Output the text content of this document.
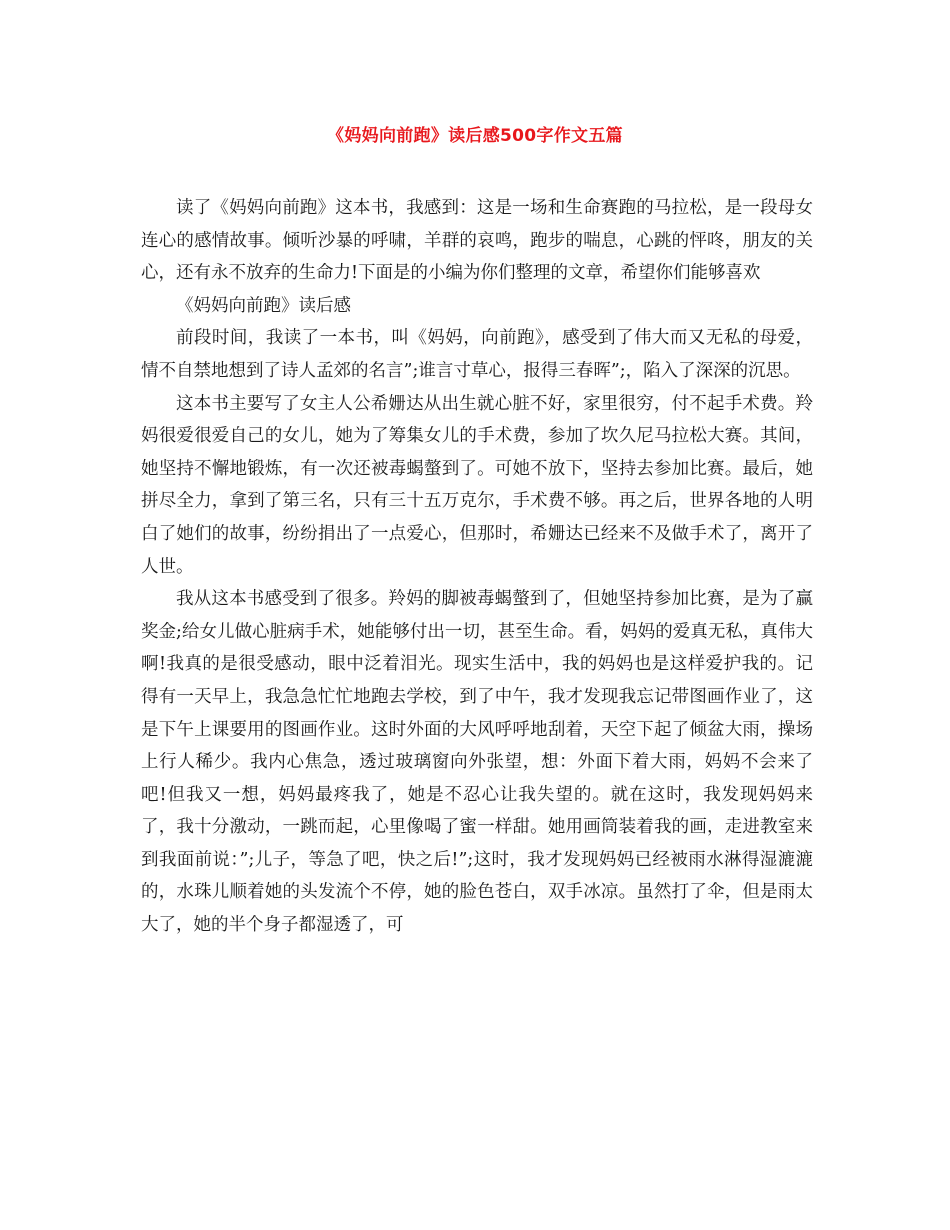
《妈妈向前跑》读后感500字作文五篇

读了《妈妈向前跑》这本书，我感到：这是一场和生命赛跑的马拉松，是一段母女连心的感情故事。倾听沙暴的呼啸，羊群的哀鸣，跑步的喘息，心跳的怦咚，朋友的关心，还有永不放弃的生命力!下面是的小编为你们整理的文章，希望你们能够喜欢

《妈妈向前跑》读后感

前段时间，我读了一本书，叫《妈妈，向前跑》，感受到了伟大而又无私的母爱，情不自禁地想到了诗人孟郊的名言”;谁言寸草心，报得三春晖”;，陷入了深深的沉思。

这本书主要写了女主人公希姗达从出生就心脏不好，家里很穷，付不起手术费。羚妈很爱很爱自己的女儿，她为了筹集女儿的手术费，参加了坎久尼马拉松大赛。其间，她坚持不懈地锻炼，有一次还被毒蝎螫到了。可她不放下，坚持去参加比赛。最后，她拼尽全力，拿到了第三名，只有三十五万克尔，手术费不够。再之后，世界各地的人明白了她们的故事，纷纷捐出了一点爱心，但那时，希姗达已经来不及做手术了，离开了人世。

我从这本书感受到了很多。羚妈的脚被毒蝎螫到了，但她坚持参加比赛，是为了赢奖金;给女儿做心脏病手术，她能够付出一切，甚至生命。看，妈妈的爱真无私，真伟大啊!我真的是很受感动，眼中泛着泪光。现实生活中，我的妈妈也是这样爱护我的。记得有一天早上，我急急忙忙地跑去学校，到了中午，我才发现我忘记带图画作业了，这是下午上课要用的图画作业。这时外面的大风呼呼地刮着，天空下起了倾盆大雨，操场上行人稀少。我内心焦急，透过玻璃窗向外张望，想：外面下着大雨，妈妈不会来了吧!但我又一想，妈妈最疼我了，她是不忍心让我失望的。就在这时，我发现妈妈来了，我十分激动，一跳而起，心里像喝了蜜一样甜。她用画筒装着我的画，走进教室来到我面前说：”;儿子，等急了吧，快之后!”;这时，我才发现妈妈已经被雨水淋得湿漉漉的，水珠儿顺着她的头发流个不停，她的脸色苍白，双手冰凉。虽然打了伞，但是雨太大了，她的半个身子都湿透了，可
